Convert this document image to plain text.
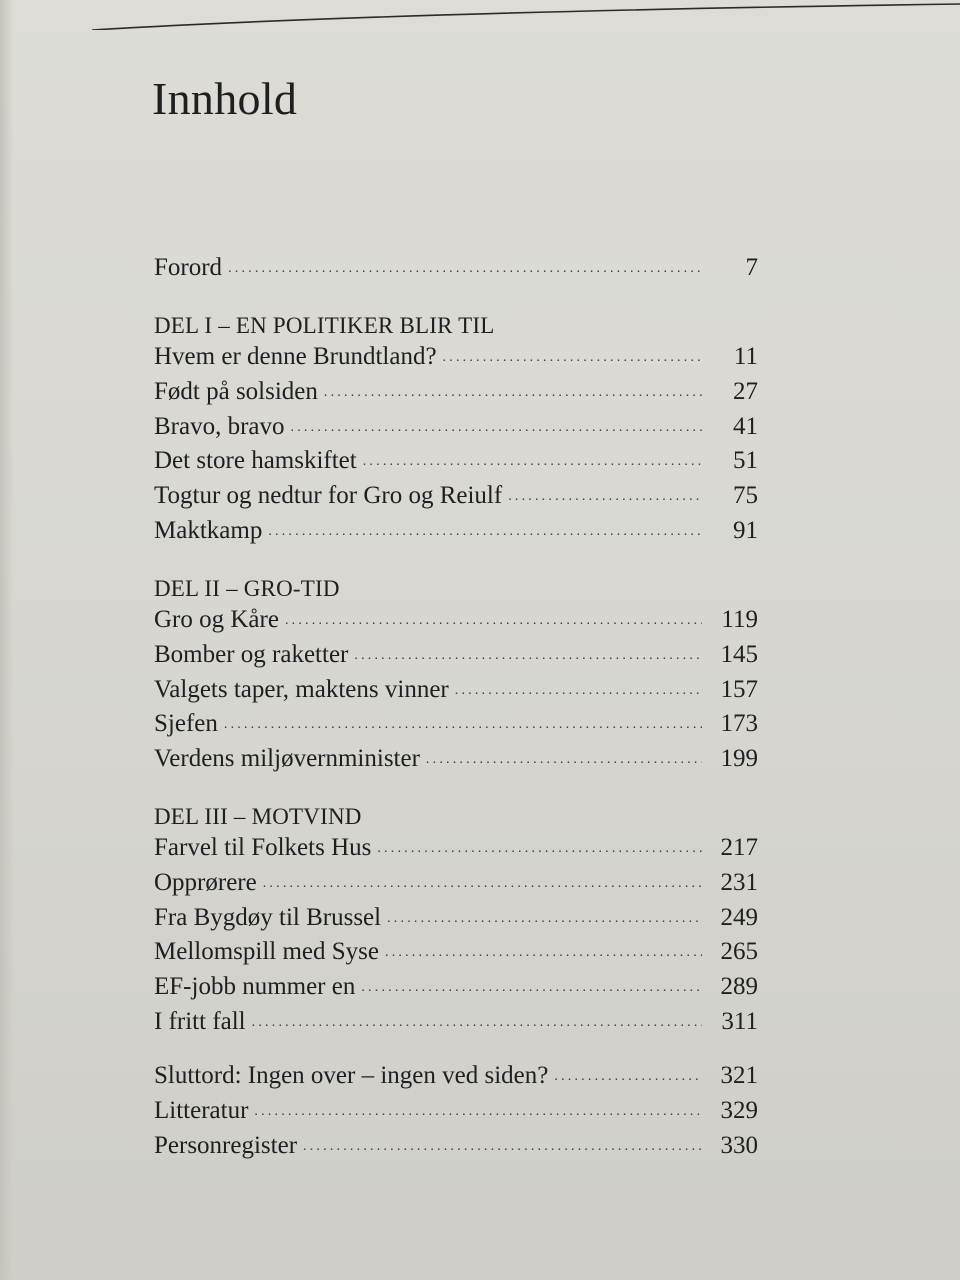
Innhold
Forord .....	7
DEL I – EN POLITIKER BLIR TIL
Hvem er denne Brundtland? .....	11
Født på solsiden .....	27
Bravo, bravo .....	41
Det store hamskiftet .....	51
Togtur og nedtur for Gro og Reiulf .....	75
Maktkamp .....	91
DEL II – GRO-TID
Gro og Kåre .....	119
Bomber og raketter .....	145
Valgets taper, maktens vinner .....	157
Sjefen .....	173
Verdens miljøvernminister .....	199
DEL III – MOTVIND
Farvel til Folkets Hus .....	217
Opprørere .....	231
Fra Bygdøy til Brussel .....	249
Mellomspill med Syse .....	265
EF-jobb nummer en .....	289
I fritt fall .....	311
Sluttord: Ingen over – ingen ved siden? .....	321
Litteratur .....	329
Personregister .....	330
